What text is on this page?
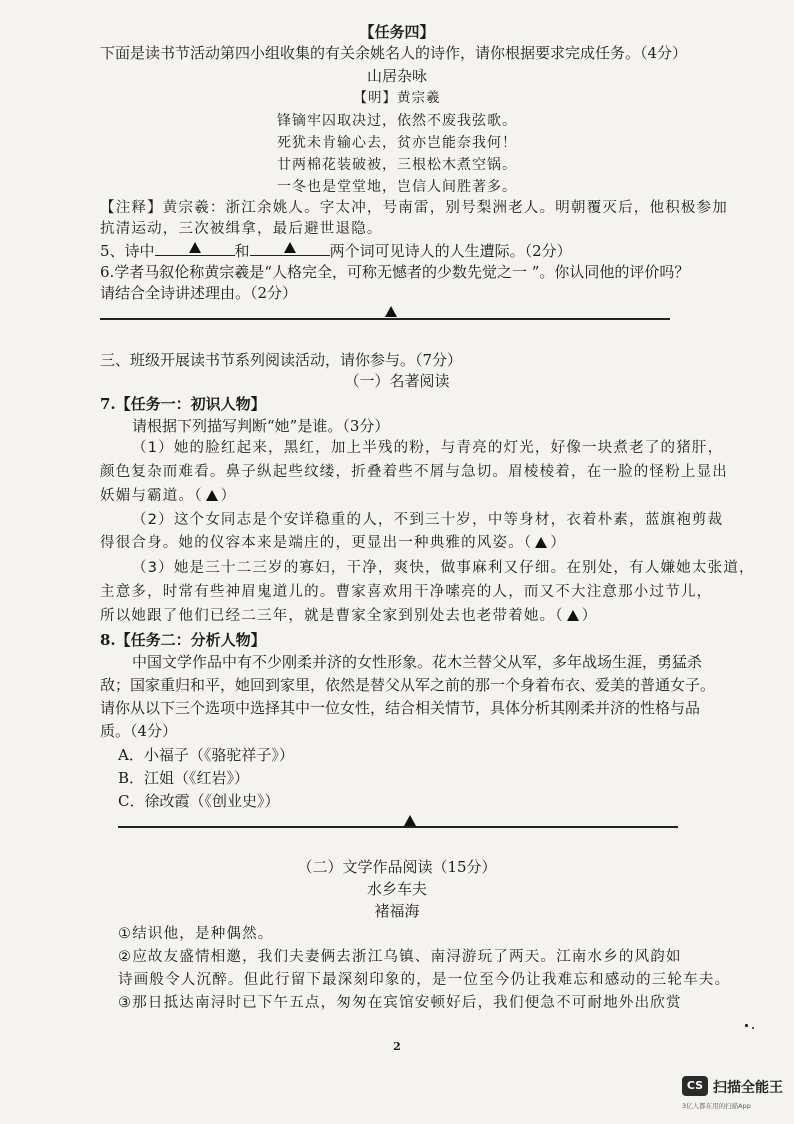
【任务四】
下面是读书节活动第四小组收集的有关余姚名人的诗作，请你根据要求完成任务。（4分）
山居杂咏
【明】黄宗羲
锋镝牢囚取决过，依然不废我弦歌。
死犹未肯输心去，贫亦岂能奈我何！
廿两棉花装破被，三根松木煮空锅。
一冬也是堂堂地，岂信人间胜著多。
【注释】黄宗羲：浙江余姚人。字太冲，号南雷，别号梨洲老人。明朝覆灭后，他积极参加
抗清运动，三次被缉拿，最后避世退隐。
5、诗中	和	两个词可见诗人的人生遭际。（2分）
6.学者马叙伦称黄宗羲是“人格完全，可称无憾者的少数先觉之一 ”。你认同他的评价吗？
请结合全诗讲述理由。（2分）
三、班级开展读书节系列阅读活动，请你参与。（7分）
（一）名著阅读
7.【任务一：初识人物】
请根据下列描写判断“她”是谁。（3分）
（1）她的脸红起来，黑红，加上半残的粉，与青亮的灯光，好像一块煮老了的猪肝，
颜色复杂而难看。鼻子纵起些纹缕，折叠着些不屑与急切。眉棱棱着，在一脸的怪粉上显出
妖媚与霸道。（ ）
（2）这个女同志是个安详稳重的人，不到三十岁，中等身材，衣着朴素，蓝旗袍剪裁
得很合身。她的仪容本来是端庄的，更显出一种典雅的风姿。（ ）
（3）她是三十二三岁的寡妇，干净，爽快，做事麻利又仔细。在别处，有人嫌她太张道，
主意多，时常有些神眉鬼道儿的。曹家喜欢用干净嗦亮的人，而又不大注意那小过节儿，
所以她跟了他们已经二三年，就是曹家全家到别处去也老带着她。（ ）
8.【任务二：分析人物】
中国文学作品中有不少刚柔并济的女性形象。花木兰替父从军，多年战场生涯，勇猛杀
敌；国家重归和平，她回到家里，依然是替父从军之前的那一个身着布衣、爱美的普通女子。
请你从以下三个选项中选择其中一位女性，结合相关情节，具体分析其刚柔并济的性格与品
质。（4分）
A．小福子（《骆驼祥子》）
B．江姐（《红岩》）
C．徐改霞（《创业史》）
（二）文学作品阅读（15分）
水乡车夫
褚福海
①结识他，是种偶然。
②应故友盛情相邀，我们夫妻俩去浙江乌镇、南浔游玩了两天。江南水乡的风韵如
诗画般令人沉醉。但此行留下最深刻印象的，是一位至今仍让我难忘和感动的三轮车夫。
③那日抵达南浔时已下午五点，匆匆在宾馆安顿好后，我们便急不可耐地外出欣赏
2
CS 扫描全能王
3亿人都在用的扫描App
